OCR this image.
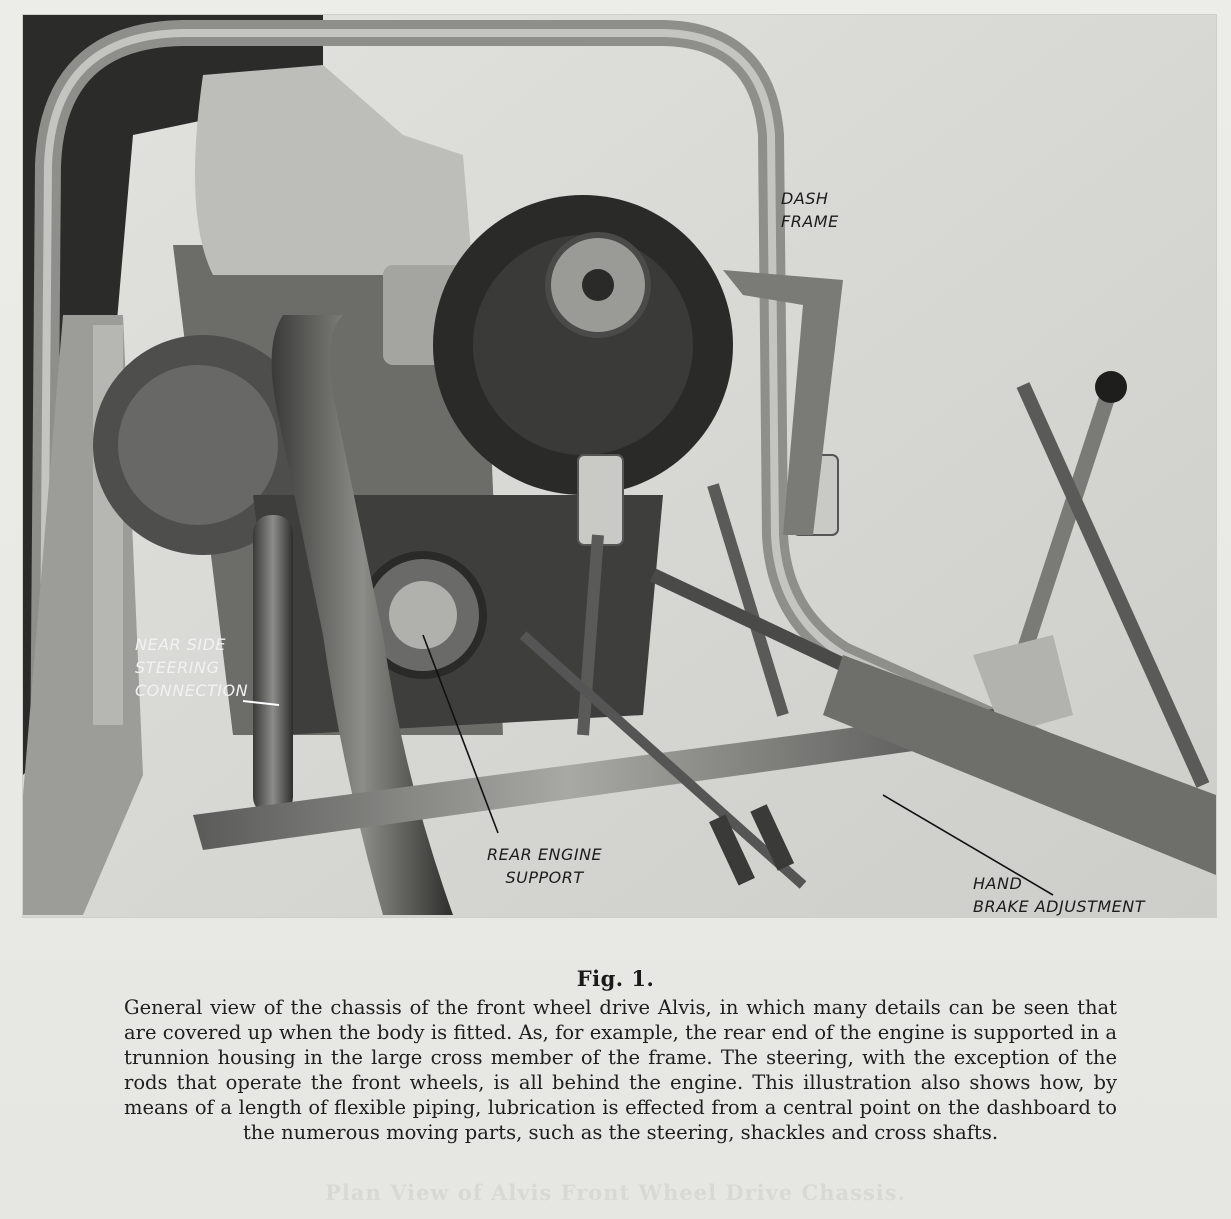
DASH
FRAME
NEAR SIDE
STEERING
CONNECTION
REAR ENGINE
SUPPORT	HAND
BRAKE ADJUSTMENT

Fig. 1.
General view of the chassis of the front wheel drive Alvis, in which many details can be seen that are covered up when the body is fitted. As, for example, the rear end of the engine is supported in a trunnion housing in the large cross member of the frame. The steering, with the exception of the rods that operate the front wheels, is all behind the engine. This illustration also shows how, by means of a length of flexible piping, lubrication is effected from a central point on the dashboard to the numerous moving parts, such as the steering, shackles and cross shafts.
Plan View of Alvis Front Wheel Drive Chassis.
